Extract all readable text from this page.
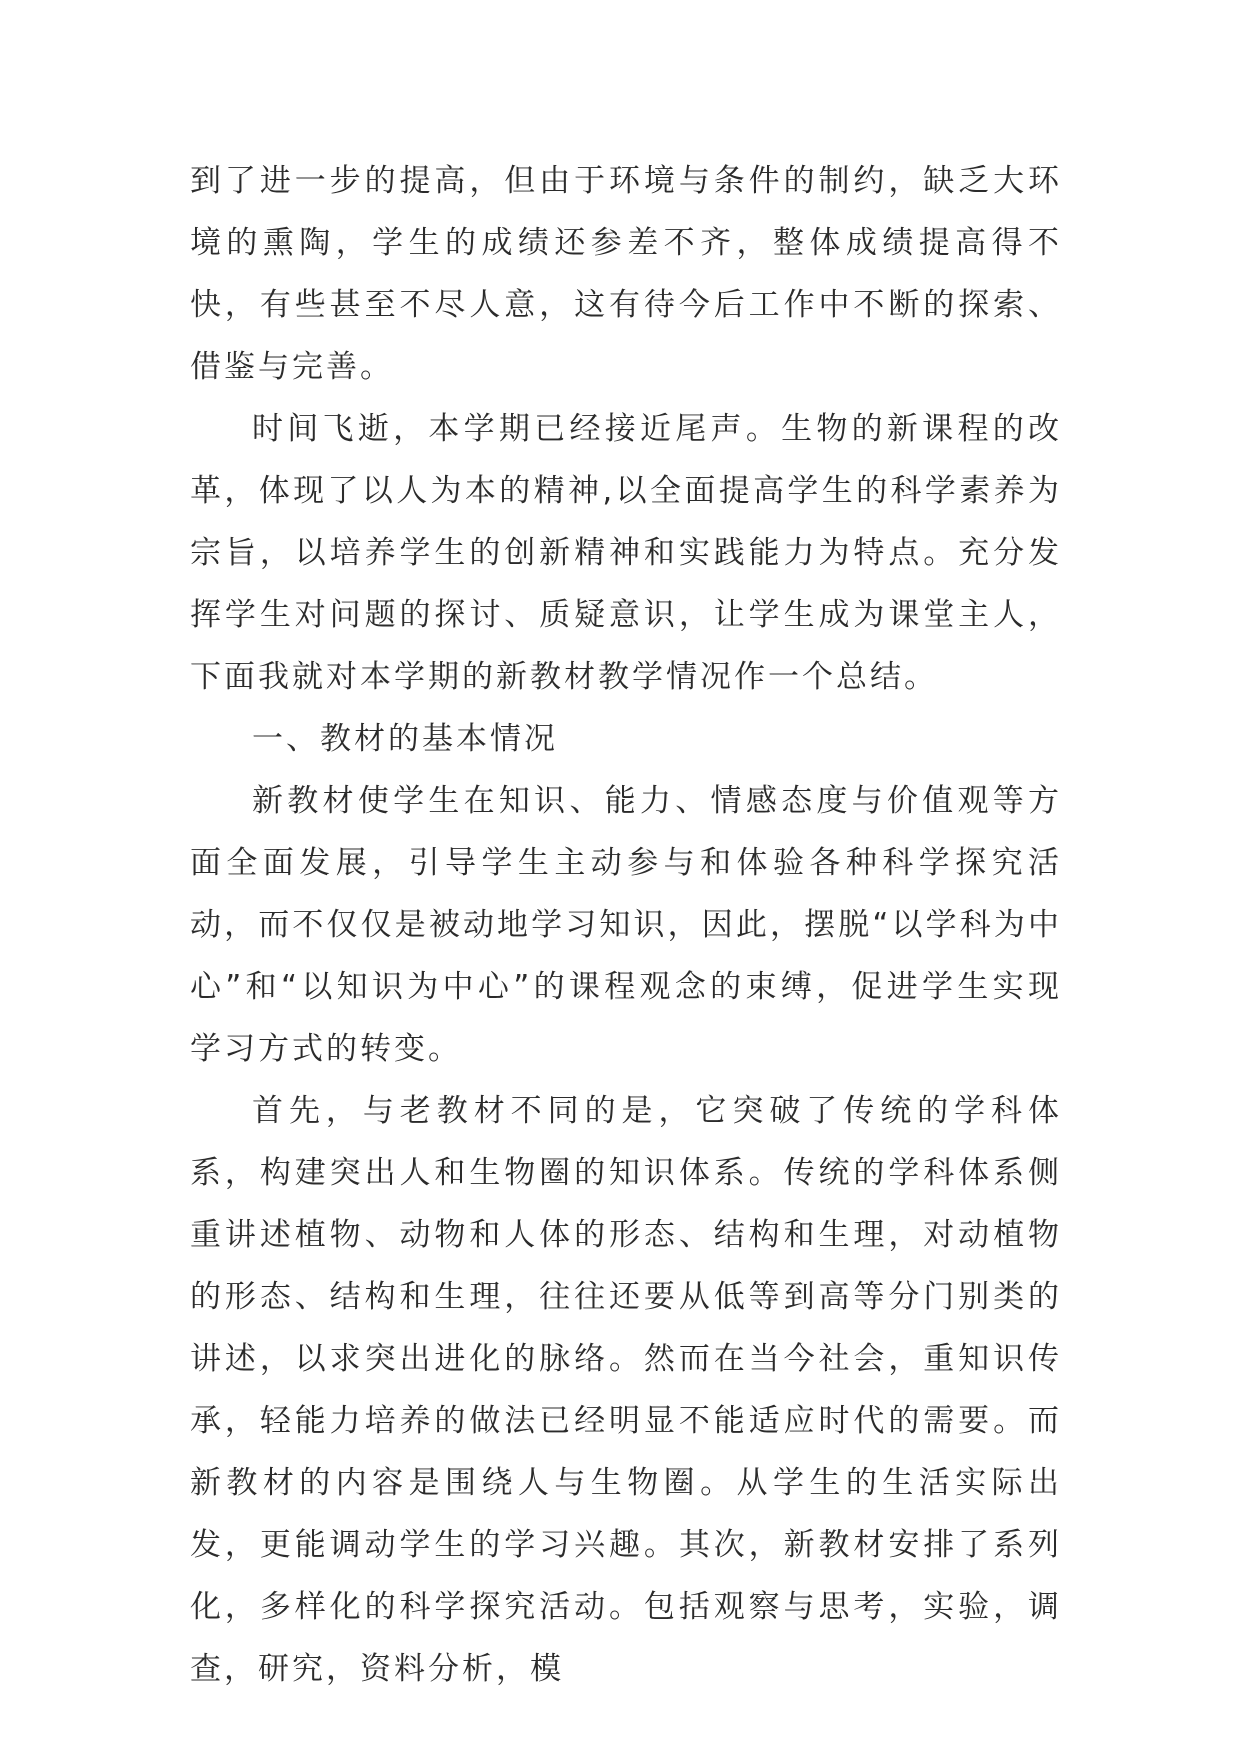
到了进一步的提高，但由于环境与条件的制约，缺乏大环境的熏陶，学生的成绩还参差不齐，整体成绩提高得不快，有些甚至不尽人意，这有待今后工作中不断的探索、借鉴与完善。

时间飞逝，本学期已经接近尾声。生物的新课程的改革，体现了以人为本的精神,以全面提高学生的科学素养为宗旨，以培养学生的创新精神和实践能力为特点。充分发挥学生对问题的探讨、质疑意识，让学生成为课堂主人，下面我就对本学期的新教材教学情况作一个总结。

一、教材的基本情况

新教材使学生在知识、能力、情感态度与价值观等方面全面发展，引导学生主动参与和体验各种科学探究活动，而不仅仅是被动地学习知识，因此，摆脱“以学科为中心”和“以知识为中心”的课程观念的束缚，促进学生实现学习方式的转变。

首先，与老教材不同的是，它突破了传统的学科体系，构建突出人和生物圈的知识体系。传统的学科体系侧重讲述植物、动物和人体的形态、结构和生理，对动植物的形态、结构和生理，往往还要从低等到高等分门别类的讲述，以求突出进化的脉络。然而在当今社会，重知识传承，轻能力培养的做法已经明显不能适应时代的需要。而新教材的内容是围绕人与生物圈。从学生的生活实际出发，更能调动学生的学习兴趣。其次，新教材安排了系列化，多样化的科学探究活动。包括观察与思考，实验，调查，研究，资料分析，模
